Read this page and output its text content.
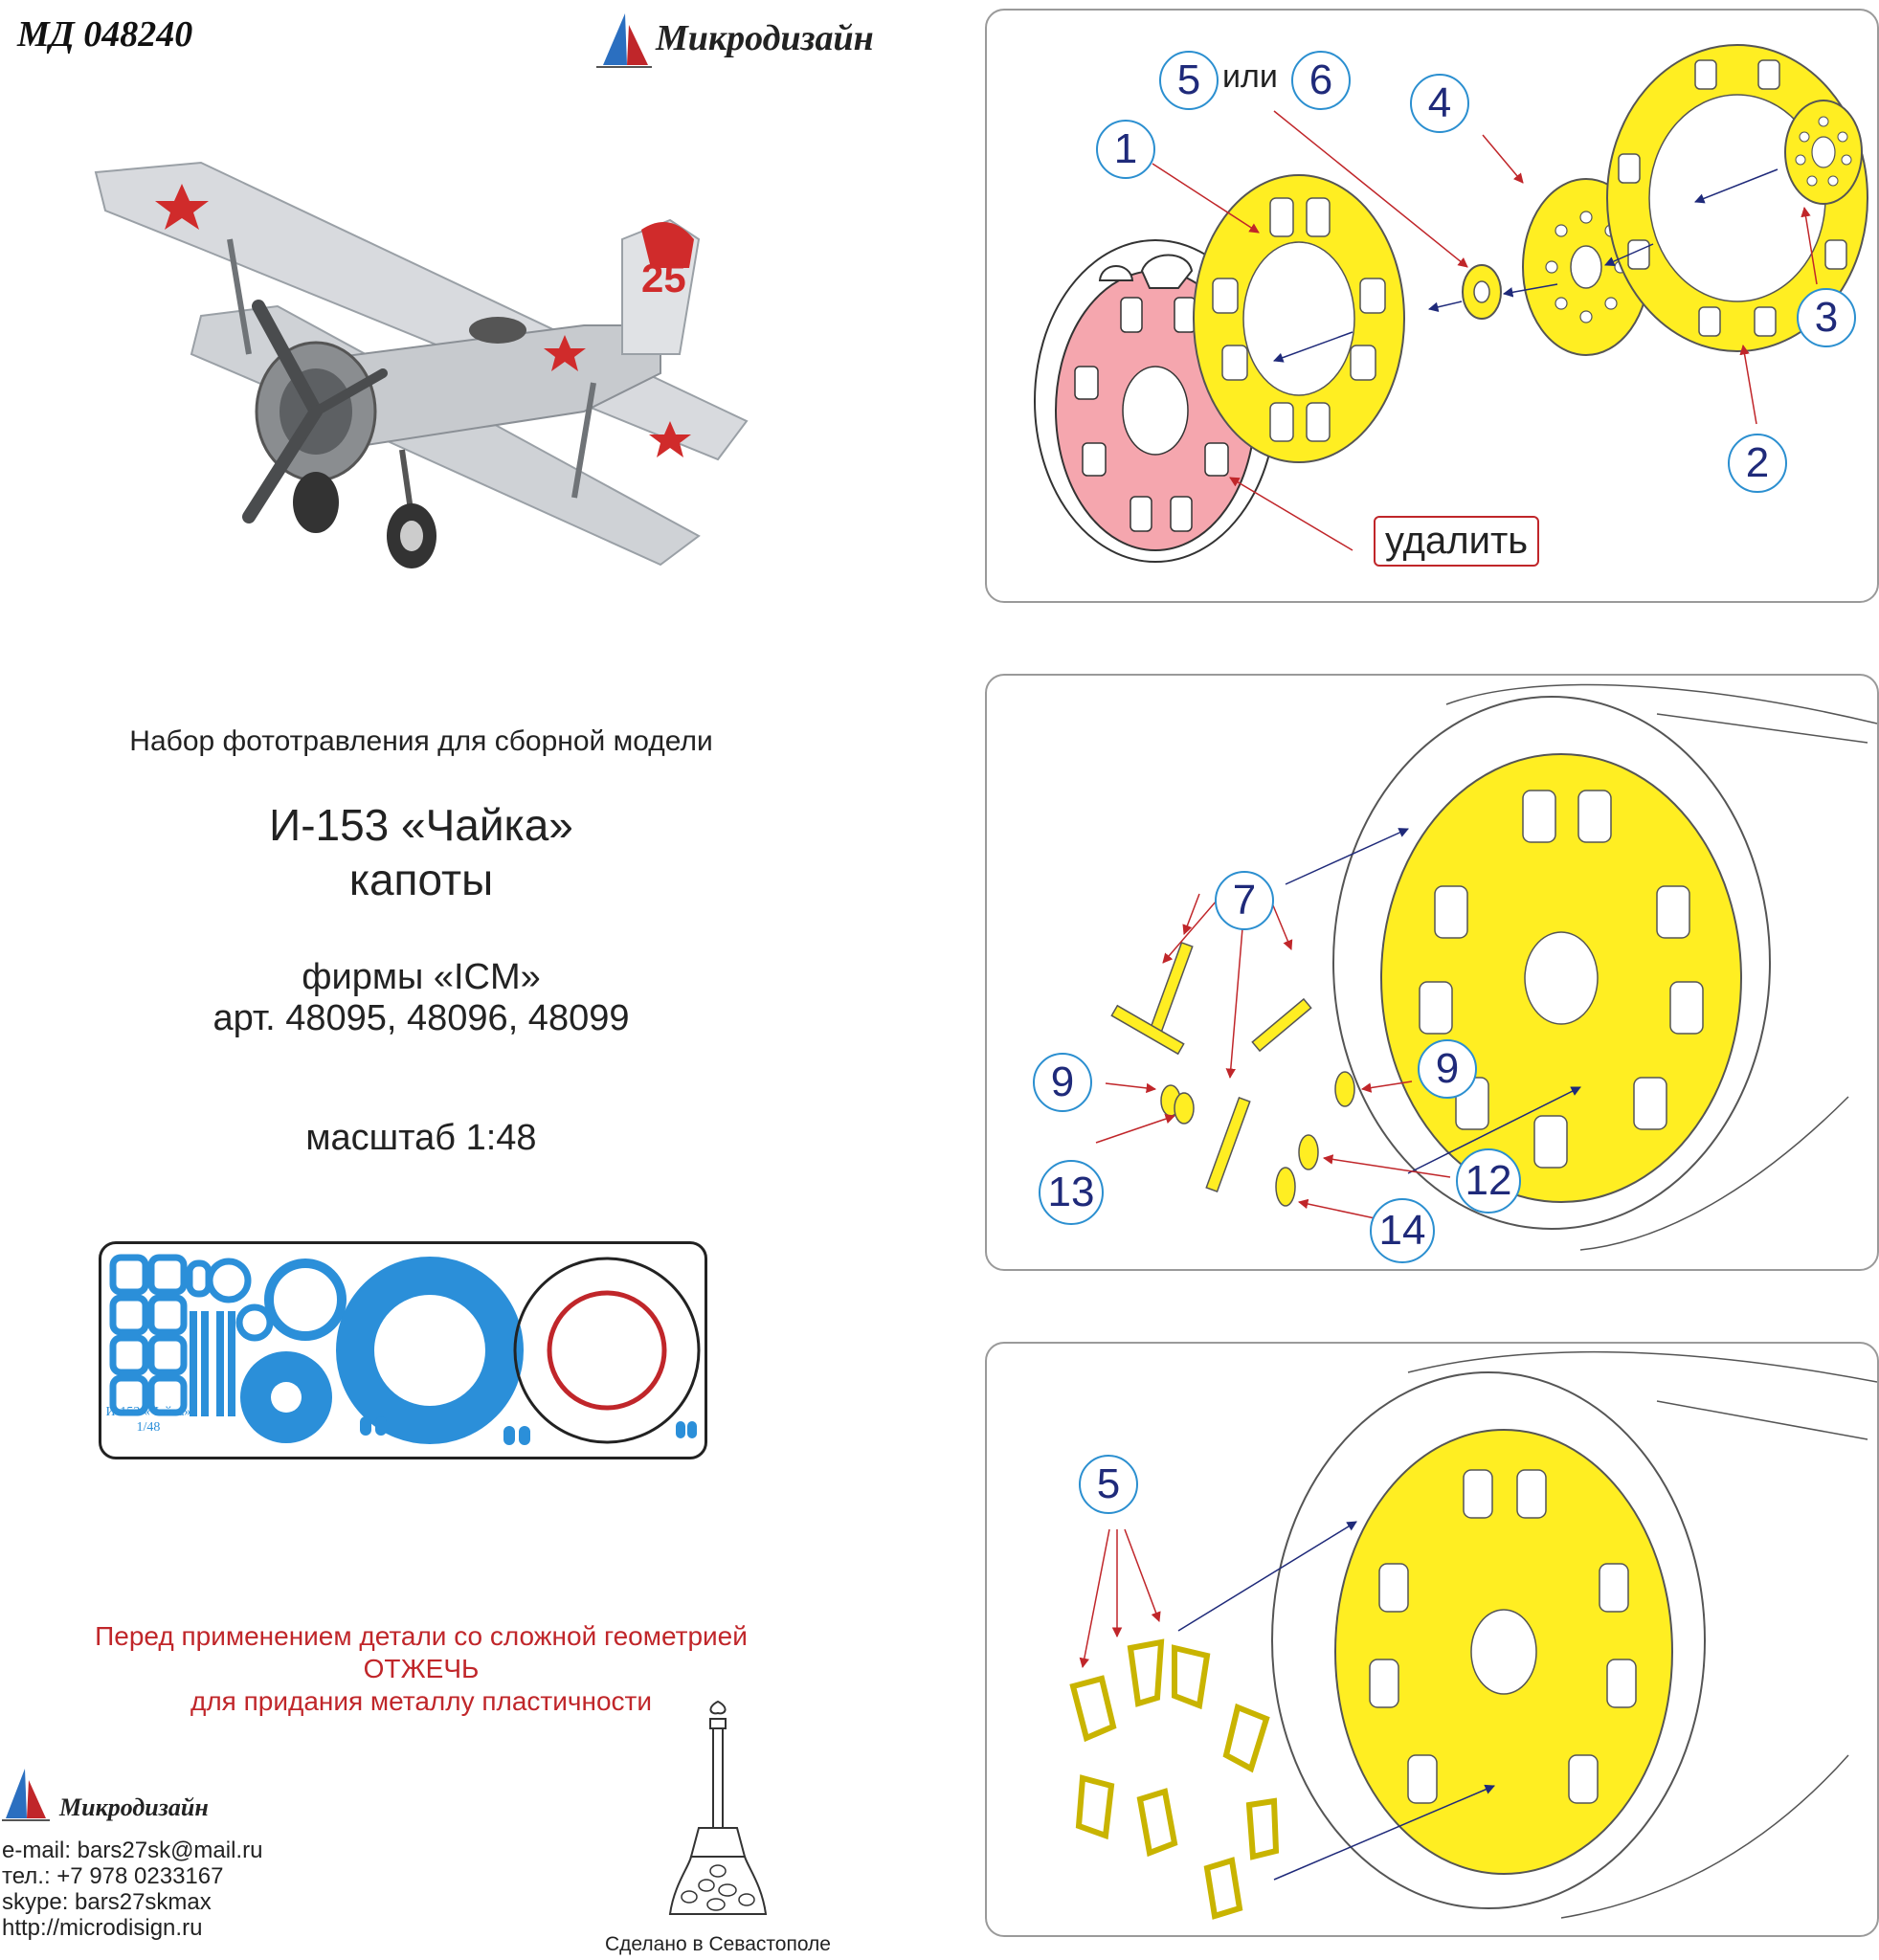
МД 048240	Микродизайн
25
Набор фототравления для сборной модели
И-153 «Чайка»
капоты
фирмы «ICM»
арт. 48095, 48096, 48099
масштаб 1:48
И-153 «Чайка»
1/48
Перед применением детали со сложной геометрией
ОТЖЕЧЬ
для придания металлу пластичности
Микродизайн
e-mail: bars27sk@mail.ru
тел.: +7 978 0233167
skype: bars27skmax
http://microdisign.ru
Сделано в Севастополе
5 или 6	4
1
3
2
удалить
7
9	9
13	12
14
5
